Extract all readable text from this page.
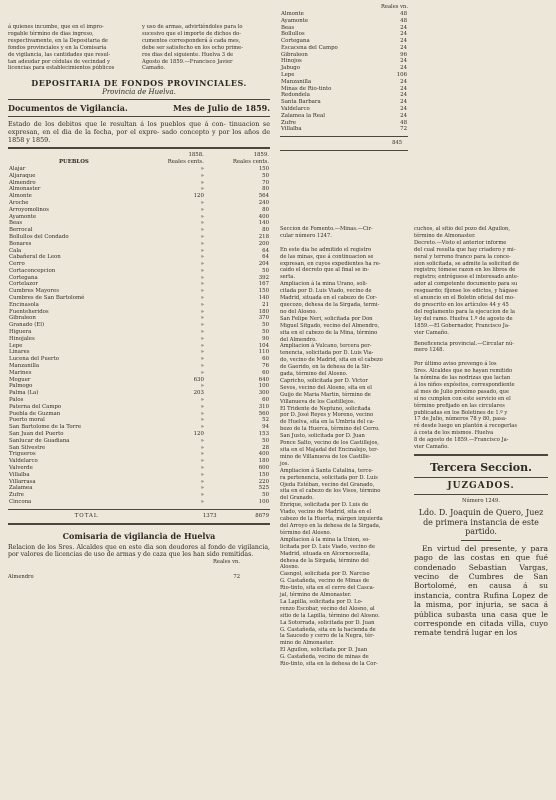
á quienes incumbe, que en el impro-
rogable término de dias ingreso,
respectivamente, en la Depositaria de
fondos provinciales y en la Comisaria
de vigilancia, las cantidades que resul-
tan adeudar por cédulas de vecindad y
licencias para establecimientos públicos
y uso de armas, advirtiéndoles para lo
sucesivo que el importe de dichos do-
cumentos corresponderá á cada mes,
debe ser satisfecho en los ocho prime-
ros dias del siguiente. Huelva 3 de
Agosto de 1859.—Francisco Javier
Camaño.
DEPOSITARIA DE FONDOS PROVINCIALES.
Provincia de Huelva.
Documentos de Vigilancia.	Mes de Julio de 1859.
Estado de los debitos que le resultan á los pueblos que á con- tinuacion se expresan, en el dia de la fecha, por el expre- sado concepto y por los años de 1858 y 1859.
	1858.	1859.
PUEBLOS	Reales cents.	Reales cents.
Alajar	»	150
Aljaraque	»	50
Almendro	»	70
Almonaster	»	80
Almonte	120	564
Aroche	»	240
Arroyomolinos	»	80
Ayamonte	»	400
Beas	»	140
Berrocal	»	80
Bollullos del Condado	»	218
Bonares	»	200
Cala	»	64
Cabañeral de Leon	»	64
Cerro	»	204
Cortaconcepcion	»	50
Cortegana	»	392
Cortelazor	»	167
Cumbres Mayores	»	150
Cumbres de San Bartolomé	»	140
Encinasola	»	21
Fuenteheridos	»	180
Gibraleon	»	370
Granado (El)	»	50
Higuera	»	50
Hinojales	»	90
Lepe	»	104
Linares	»	110
Lucena del Puerto	»	60
Manzanilla	»	76
Marines	»	60
Moguer	630	640
Palmogo	»	100
Palma (La)	203	300
Palos	»	60
Paterna del Campo	»	310
Puebla de Guzman	»	560
Puerto moral	»	52
San Bartolome de la Torre	»	94
San Juan del Puerto	120	153
Sanlucar de Guadiana	»	50
San Silvestre	»	28
Trigueros	»	400
Valdelarco	»	180
Valverde	»	600
Villalba	»	150
Villarrasa	»	220
Zalamea	»	525
Zufre	»	50
Cincona	»	100
TOTAL	1373	8679
Comisaria de vigilancia de Huelva
Relacion de los Sres. Alcaldes que en este dia son deudores al fondo de vigilancia, por valores de licencias de uso de armas y de caza que les han sido remitidas.
Reales vn.
Almendro	72
Reales vn.
Almonte	48
Ayamonte	48
Beas	24
Bollullos	24
Cortegana	24
Escacena del Campo	24
Gibraleon	96
Hinojos	24
Jabugo	24
Lepe	106
Manzanilla	24
Minas de Rio-tinto	24
Redondela	24
Santa Barbara	24
Valdelarco	24
Zalamea la Real	24
Zufre	48
Villalba	72
845
Seccion de Fomento.—Minas.—Cir-
cular número 1247.

En este dia he admitido el registro
de las minas, que á continuacion se
expresan, en cuyos expedientes ha re-
caido el decreto que al final se in-
serta.
Ampliacion á la mina Urano, soli-
citada por D. Luis Viado, vecino de
Madrid, situada en el cabezo de Cor-
quecozo, dehesa de la Sirgada, termi-
no del Alosno.
San Felipe Neri, solicitada por Don
Miguel Sitgado, vecino del Almendro,
sita en el cabezo de la Mina, término
del Almendro.
Ampliacion á Vulcano, tercera per-
tenencia, solicitada por D. Luis Via-
do, vecino de Madrid, sita en el cabezo
de Gaerido, en la dehesa de la Sir-
gada, término del Alosno.
Capricho, solicitada por D. Victor
Sevos, vecino del Alosno, sita en el
Guijo de Maria Martin, término de
Villanueva de los Castillejos.
El Tridente de Neptuno, solicitada
por D. José Reyes y Moreno, vecino
de Huelva, sita en la Umbria del ca-
bezo de la Huerca, término del Cerro.
San Justo, solicitada por D. Juan
Ponce Salto, vecino de los Castillejos,
sita en el Majadal del Encinalejo, ter-
mino de Villanueva de los Castille-
jos.
Ampliacion á Santa Catalina, terce-
ra pertenencia, solicitada por D. Luis
Ojeda Estéban, vecino del Granado,
sita en el cabezo de los Visos, término
del Granado.
Enrique, solicitada por D. Luis de
Viado, vecino de Madrid, sita en el
cabezo de la Huerta, márgen izquierda
del Arroyo en la dehesa de la Sirgada,
término del Alosno.
Ampliacion á la mina la Union, so-
licitada por D. Luis Viado, vecino de
Madrid, situada en Alcornocosilla,
dehesa de la Sirgada, término del
Alosno.
Casngol, solicitada por D. Narciso
G. Castañeda, vecino de Minas de
Rio-tinto, sita en el cerro del Casca-
jal, término de Almonaster.
La Lapilla, solicitada por D. Lo-
renzo Escobar, vecino del Alosno, al
sitio de la Lapilla, término del Alosno.
La Sotorrada, solicitada por D. Juan
G. Castañeda, sita en la hacienda de
la Saucedo y cerro de la Negra, tér-
mino de Almonaster.
El Aguilon, solicitada por D. Juan
G. Castañeda, vecino de minas de
Rio-tinto, sita en la dehesa de la Cor-
cuchos, al sitio del pozo del Aguilon,
término de Almonaster.
Decreto.—Visto el anterior informe
del cual resulta que hay criadero y mi-
neral y terreno franco para la conce-
sion solicitada, se admite la solicitud de
registro; tómese razon en los libros de
registro; entréguese el interesado ante-
ador al competente documento para su
resguardo; fíjense los edictos, y hágase
el anuncio en el Boletin oficial del mo-
do prescrito en los artículos 44 y 45
del reglamento para la ejecucion de la
ley del ramo. Huelva 1.º de agosto de
1859.—El Gobernador, Francisco Ja-
vier Camaño.
Beneficencia provincial.—Circular nú-
mero 1248.

Por último aviso prevengo á los
Sres. Alcaldes que no hayan remitido
la nómina de las nodrizas que lactan
á los niños expósitos, correspondiente
al mes de Julio próximo pasado, que
si no cumplen con este servicio en el
término prefijado en las circulares
publicadas en los Boletines de 1.º y
17 de Julio, números 78 y 80, pasa-
ré desde luego un plantón á recogerlas
á costa de los mismos. Huelva
8 de agosto de 1859.—Francisco Ja-
vier Camaño.
Tercera Seccion.
JUZGADOS.
Número 1249.
Ldo. D. Joaquin de Quero, Juez de primera instancia de este partido.
En virtud del presente, y para pago de las costas en que fué condenado Sebastian Vargas, vecino de Cumbres de San Bortolomé, en causa á su instancia, contra Rufina Lopez de la misma, por injuria, se saca á pública subasta una casa que le corresponde en citada villa, cuyo remate tendrá lugar en los
